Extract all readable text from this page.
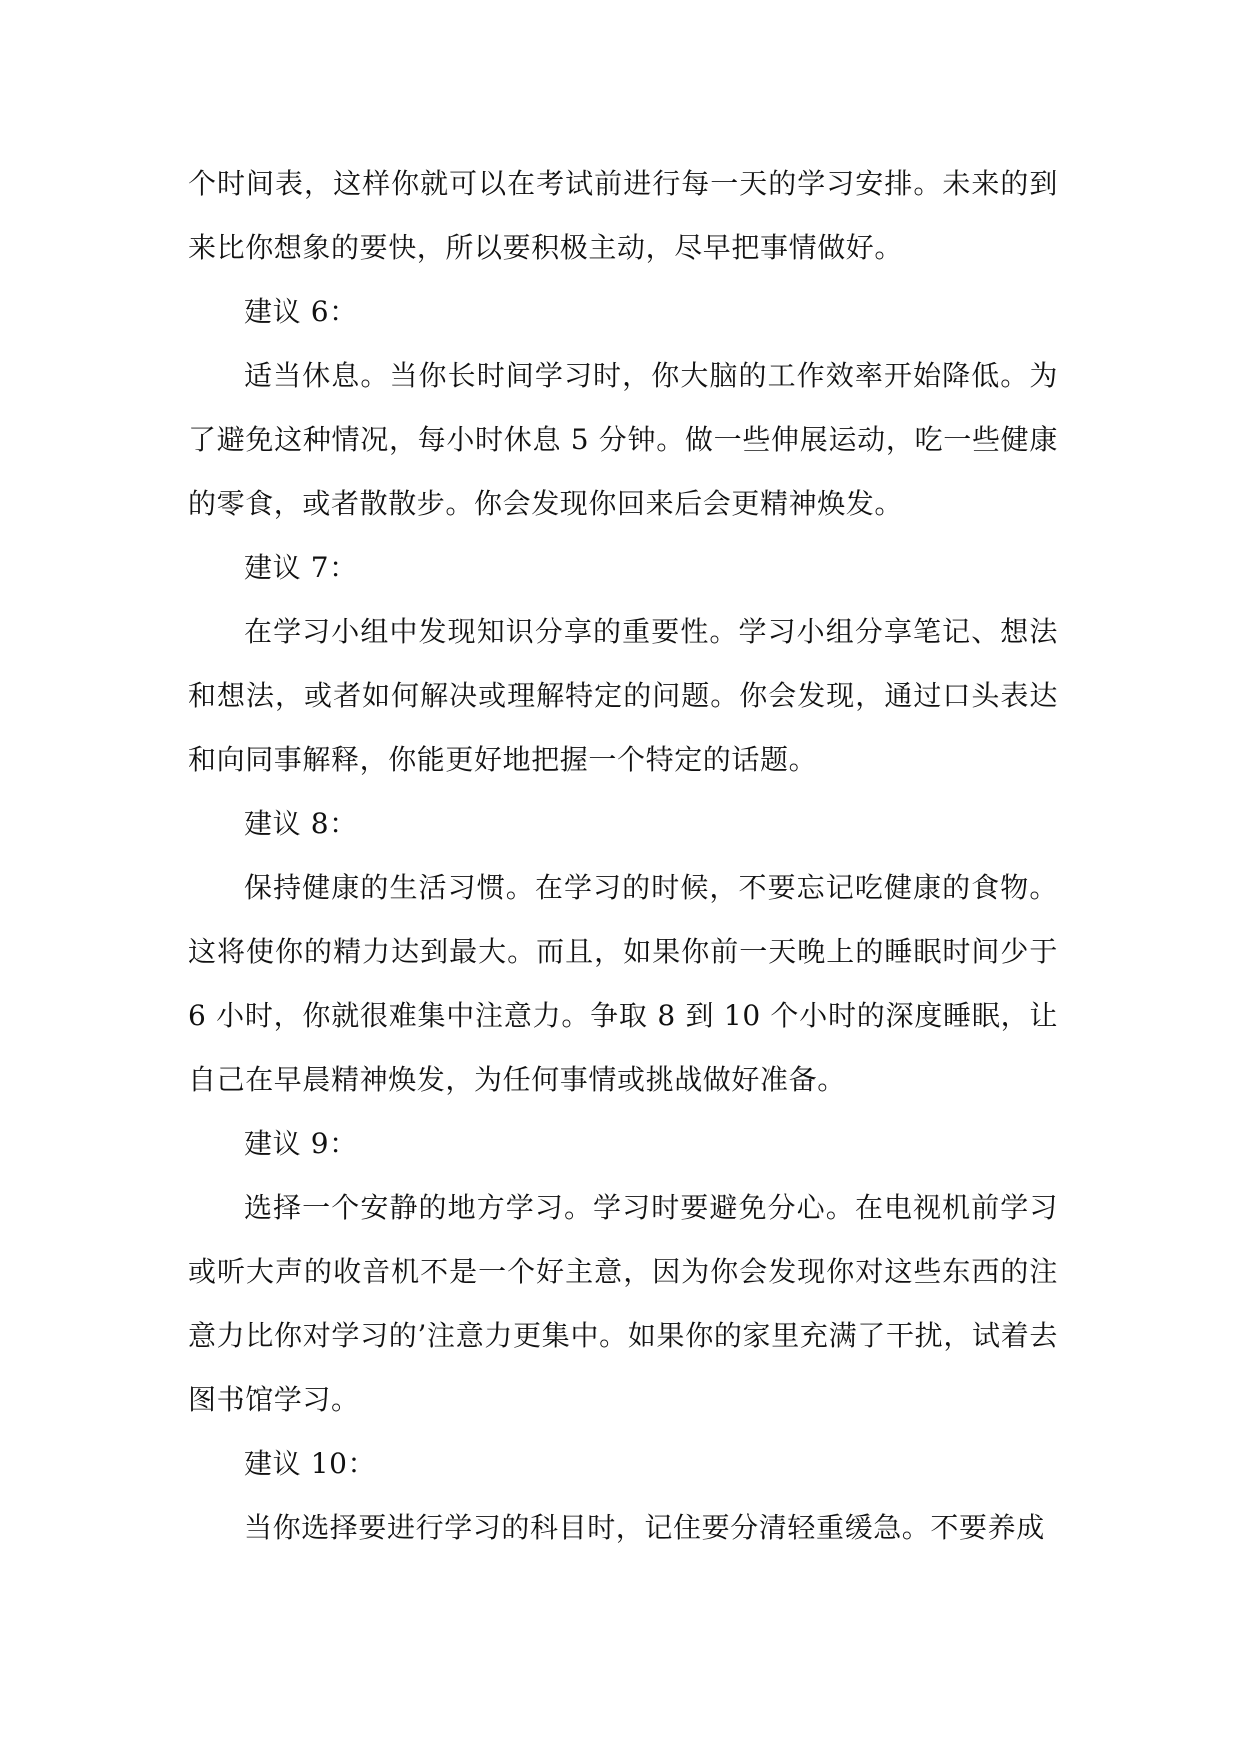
个时间表，这样你就可以在考试前进行每一天的学习安排。未来的到来比你想象的要快，所以要积极主动，尽早把事情做好。

建议 6：

适当休息。当你长时间学习时，你大脑的工作效率开始降低。为了避免这种情况，每小时休息 5 分钟。做一些伸展运动，吃一些健康的零食，或者散散步。你会发现你回来后会更精神焕发。

建议 7：

在学习小组中发现知识分享的重要性。学习小组分享笔记、想法和想法，或者如何解决或理解特定的问题。你会发现，通过口头表达和向同事解释，你能更好地把握一个特定的话题。

建议 8：

保持健康的生活习惯。在学习的时候，不要忘记吃健康的食物。这将使你的精力达到最大。而且，如果你前一天晚上的睡眠时间少于 6 小时，你就很难集中注意力。争取 8 到 10 个小时的深度睡眠，让自己在早晨精神焕发，为任何事情或挑战做好准备。

建议 9：

选择一个安静的地方学习。学习时要避免分心。在电视机前学习或听大声的收音机不是一个好主意，因为你会发现你对这些东西的注意力比你对学习的’注意力更集中。如果你的家里充满了干扰，试着去图书馆学习。

建议 10：

当你选择要进行学习的科目时，记住要分清轻重缓急。不要养成
